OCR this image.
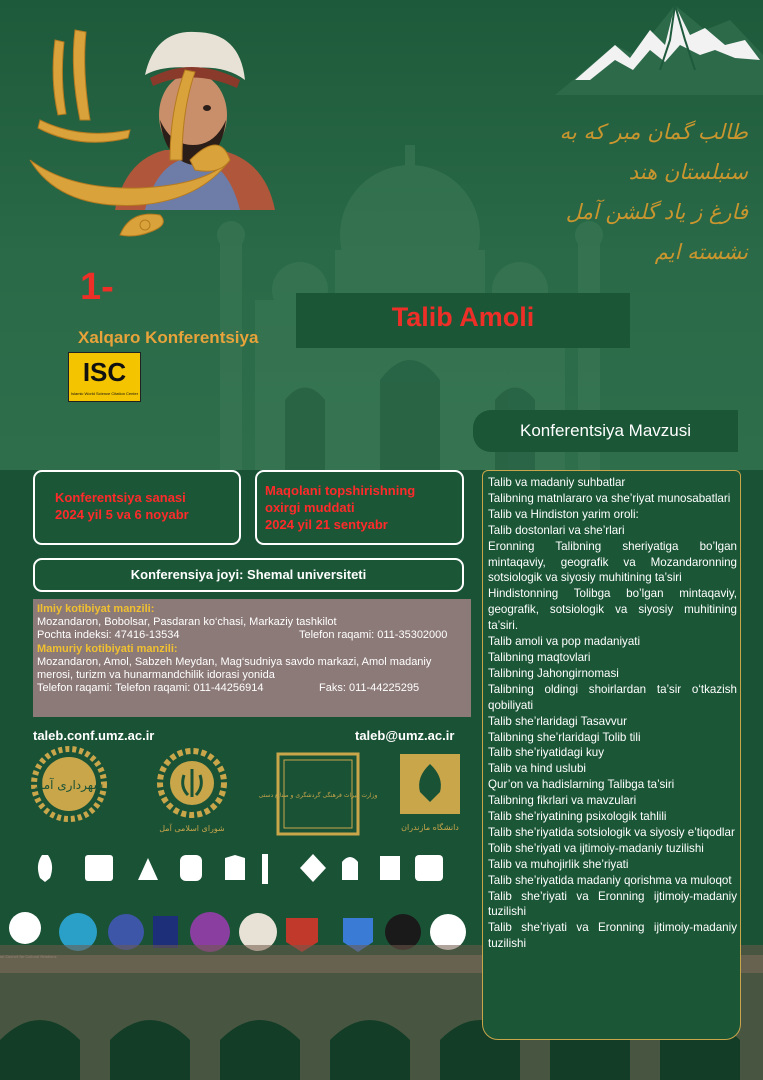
طالب گمان مبر که به سنبلستان هند
فارغ ز یاد گلشن آمل نشسته ایم
1-
Xalqaro Konferentsiya
ISC
Islamic World Science Citation Center
Talib Amoli
Konferentsiya Mavzusi
Konferentsiya sanasi
2024 yil 5 va 6 noyabr
Maqolani topshirishning
oxirgi muddati
2024 yil 21 sentyabr
Konferensiya joyi: Shemal universiteti
Ilmiy kotibiyat manzili:
Mozandaron, Bobolsar, Pasdaran ko‘chasi, Markaziy tashkilot
Pochta indeksi: 47416-13534	Telefon raqami: 011-35302000
Mamuriy kotibiyati manzili:
Mozandaron, Amol, Sabzeh Meydan, Mag‘sudniya savdo markazi, Amol madaniy
merosi, turizm va hunarmandchilik idorasi yonida
Telefon raqami: Telefon raqami: 011-44256914	Faks: 011-44225295
taleb.conf.umz.ac.ir	taleb@umz.ac.ir
شهرداری آمل
شورای اسلامی آمل
وزارت میراث فرهنگی گردشگری و صنایع دستی
دانشگاه مازندران
Talib va madaniy suhbatlar
Talibning matnlararo va she’riyat munosabatlari
Talib va Hindiston yarim oroli:
Talib dostonlari va she’rlari
Eronning Talibning sheriyatiga bo’lgan mintaqaviy, geografik va Mozandaronning sotsiologik va siyosiy muhitining ta’siri
Hindistonning Tolibga bo’lgan mintaqaviy, geografik, sotsiologik va siyosiy muhitining ta’siri.
Talib amoli va pop madaniyati
Talibning maqtovlari
Talibning Jahongirnomasi
Talibning oldingi shoirlardan ta’sir o‘tkazish qobiliyati
Talib she’rlaridagi Tasavvur
Talibning she’rlaridagi Tolib tili
Talib she’riyatidagi kuy
Talib va hind uslubi
Qur’on va hadislarning Talibga ta’siri
Talibning fikrlari va mavzulari
Talib she’riyatining psixologik tahlili
Talib she’riyatida sotsiologik va siyosiy e’tiqodlar
Tolib she’riyati va ijtimoiy-madaniy tuzilishi
Talib va muhojirlik she’riyati
Talib she’riyatida madaniy qorishma va muloqot
Talib she’riyati va Eronning ijtimoiy-madaniy tuzilishi
Talib she’riyati va Eronning ijtimoiy-madaniy tuzilishi
